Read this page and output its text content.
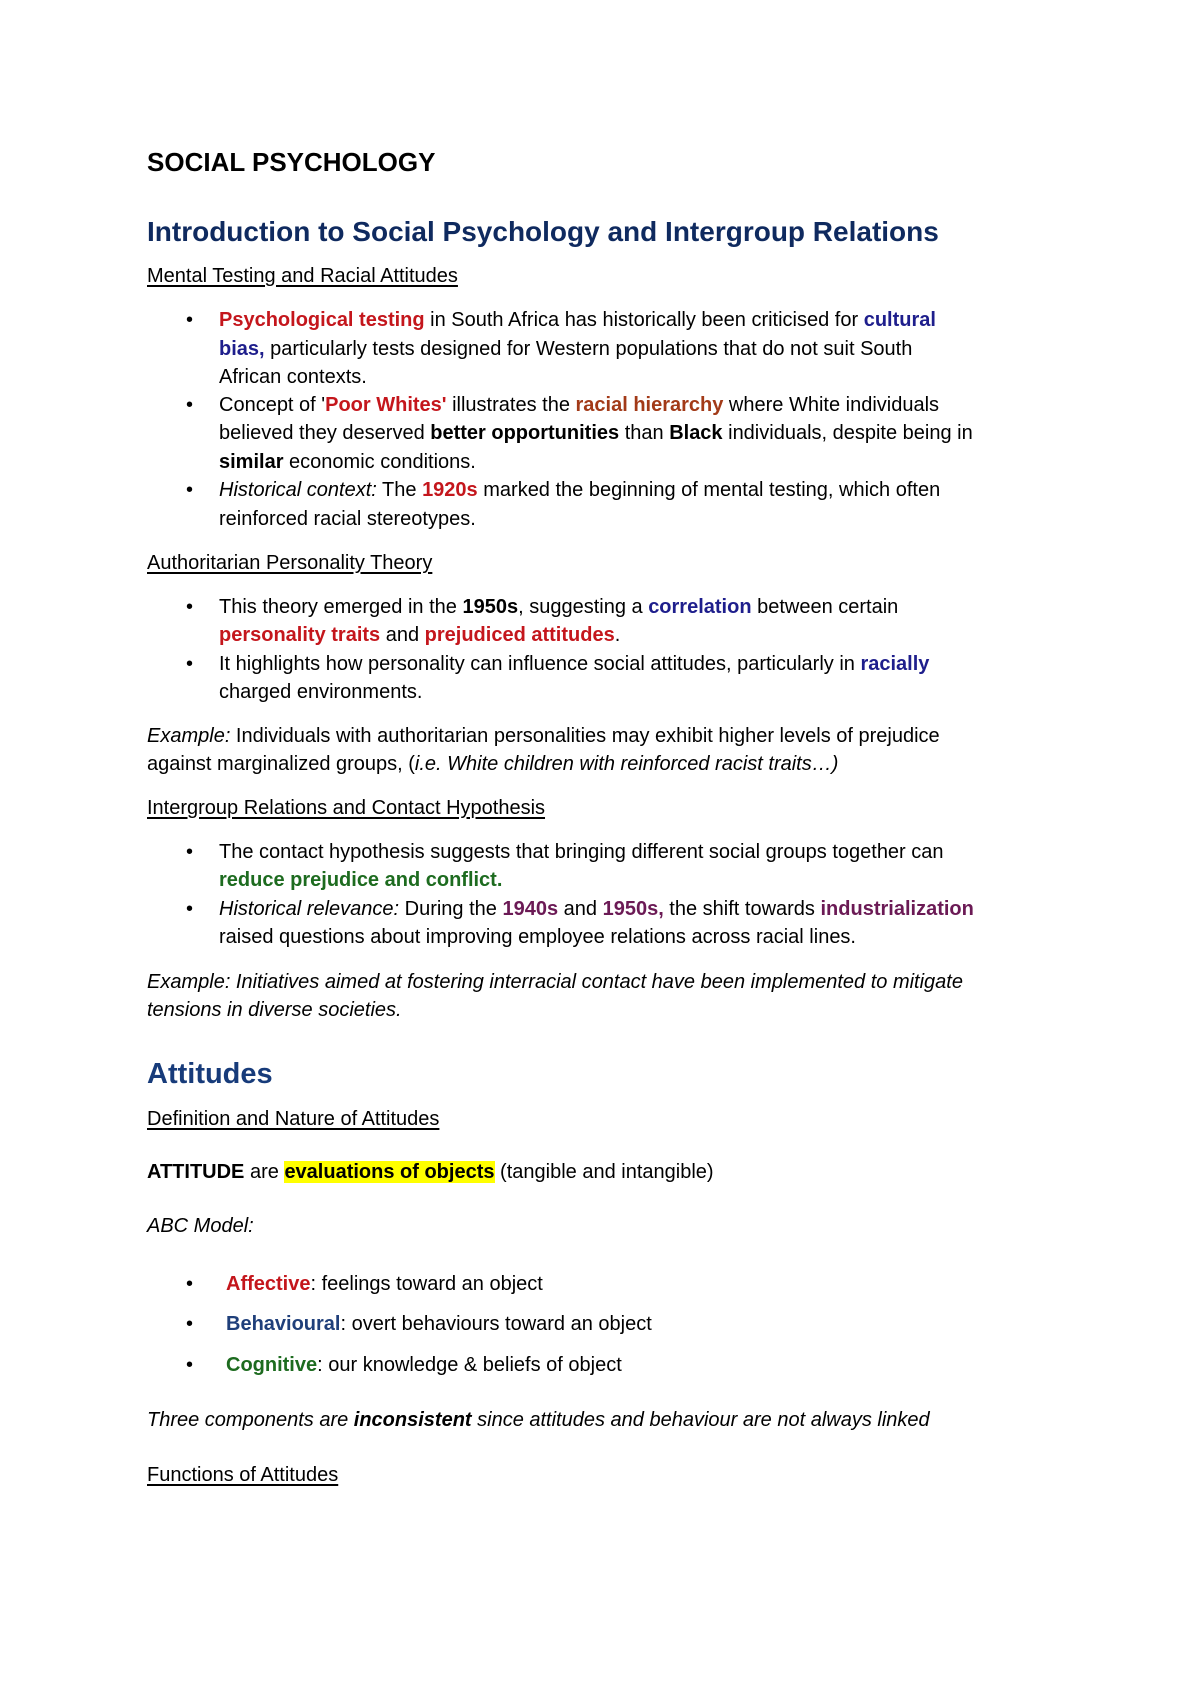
SOCIAL PSYCHOLOGY
Introduction to Social Psychology and Intergroup Relations
Mental Testing and Racial Attitudes
• Psychological testing in South Africa has historically been criticised for cultural
bias, particularly tests designed for Western populations that do not suit South
African contexts.
• Concept of 'Poor Whites' illustrates the racial hierarchy where White individuals
believed they deserved better opportunities than Black individuals, despite being in
similar economic conditions.
• Historical context: The 1920s marked the beginning of mental testing, which often
reinforced racial stereotypes.
Authoritarian Personality Theory
• This theory emerged in the 1950s, suggesting a correlation between certain
personality traits and prejudiced attitudes.
• It highlights how personality can influence social attitudes, particularly in racially
charged environments.
Example: Individuals with authoritarian personalities may exhibit higher levels of prejudice
against marginalized groups, (i.e. White children with reinforced racist traits…)
Intergroup Relations and Contact Hypothesis
• The contact hypothesis suggests that bringing different social groups together can
reduce prejudice and conflict.
• Historical relevance: During the 1940s and 1950s, the shift towards industrialization
raised questions about improving employee relations across racial lines.
Example: Initiatives aimed at fostering interracial contact have been implemented to mitigate
tensions in diverse societies.
Attitudes
Definition and Nature of Attitudes
ATTITUDE are evaluations of objects (tangible and intangible)
ABC Model:
• Affective: feelings toward an object
• Behavioural: overt behaviours toward an object
• Cognitive: our knowledge & beliefs of object
Three components are inconsistent since attitudes and behaviour are not always linked
Functions of Attitudes
